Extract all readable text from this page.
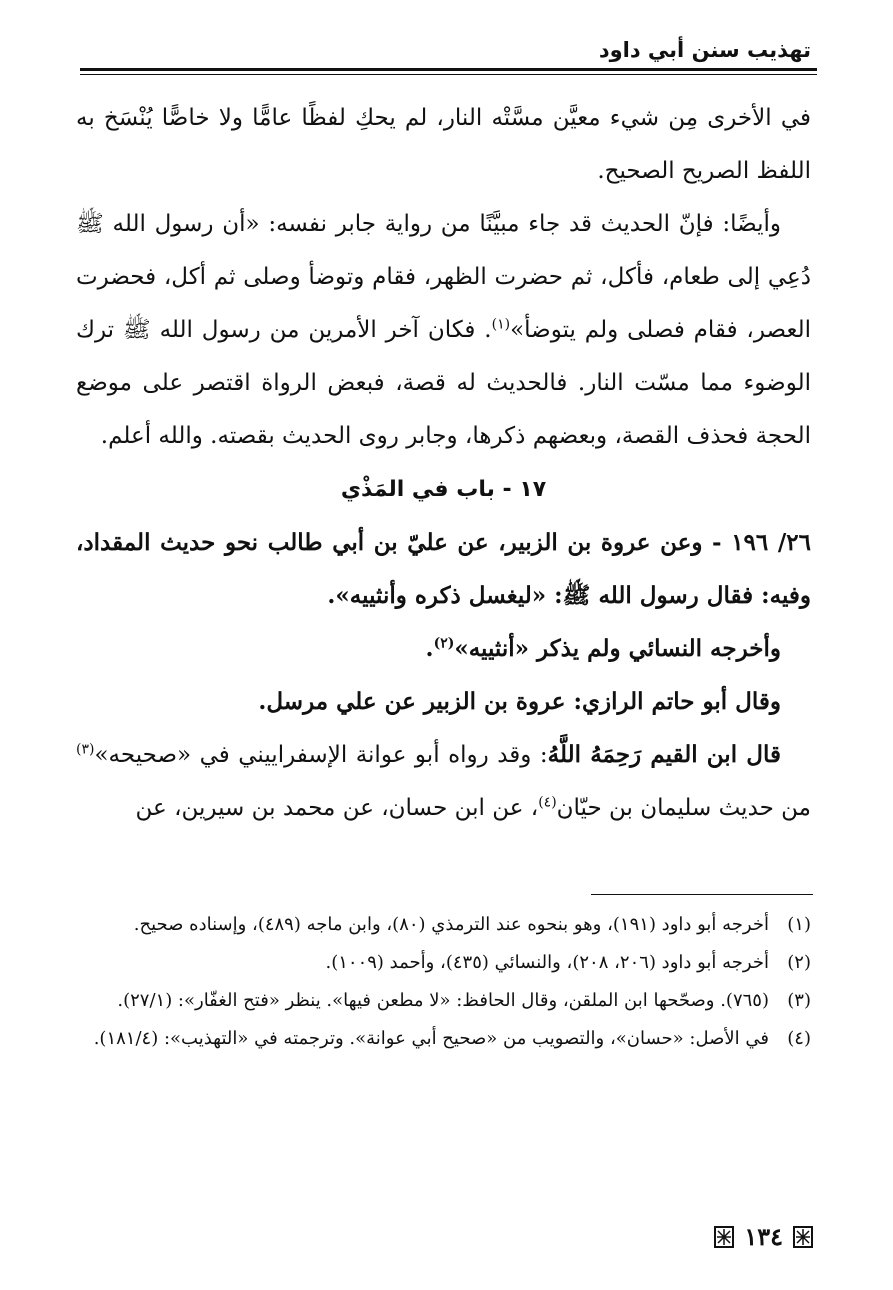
تهذيب سنن أبي داود

في الأخرى مِن شيء معيَّن مسَّتْه النار، لم يحكِ لفظًا عامًّا ولا خاصًّا يُنْسَخ به اللفظ الصريح الصحيح.

وأيضًا: فإنّ الحديث قد جاء مبيَّنًا من رواية جابر نفسه: «أن رسول الله ﷺ دُعِي إلى طعام، فأكل، ثم حضرت الظهر، فقام وتوضأ وصلى ثم أكل، فحضرت العصر، فقام فصلى ولم يتوضأ»$^{(١)}$. فكان آخر الأمرين من رسول الله ﷺ ترك الوضوء مما مسّت النار. فالحديث له قصة، فبعض الرواة اقتصر على موضع الحجة فحذف القصة، وبعضهم ذكرها، وجابر روى الحديث بقصته. والله أعلم.

١٧ - باب في المَذْي

٢٦/ ١٩٦ - وعن عروة بن الزبير، عن عليّ بن أبي طالب نحو حديث المقداد، وفيه: فقال رسول الله ﷺ: «ليغسل ذكره وأنثييه».

وأخرجه النسائي ولم يذكر «أنثييه»$^{(٢)}$.

وقال أبو حاتم الرازي: عروة بن الزبير عن علي مرسل.

قال ابن القيم رَحِمَهُ اللَّهُ: وقد رواه أبو عوانة الإسفراييني في «صحيحه»$^{(٣)}$ من حديث سليمان بن حيّان$^{(٤)}$، عن ابن حسان، عن محمد بن سيرين، عن

(١)
أخرجه أبو داود (١٩١)، وهو بنحوه عند الترمذي (٨٠)، وابن ماجه (٤٨٩)، وإسناده صحيح.

(٢)
أخرجه أبو داود (٢٠٦، ٢٠٨)، والنسائي (٤٣٥)، وأحمد (١٠٠٩).

(٣)
(٧٦٥). وصحّحها ابن الملقن، وقال الحافظ: «لا مطعن فيها». ينظر «فتح الغفّار»: (٢٧/١).

(٤)
في الأصل: «حسان»، والتصويب من «صحيح أبي عوانة». وترجمته في «التهذيب»: (١٨١/٤).

١٣٤
